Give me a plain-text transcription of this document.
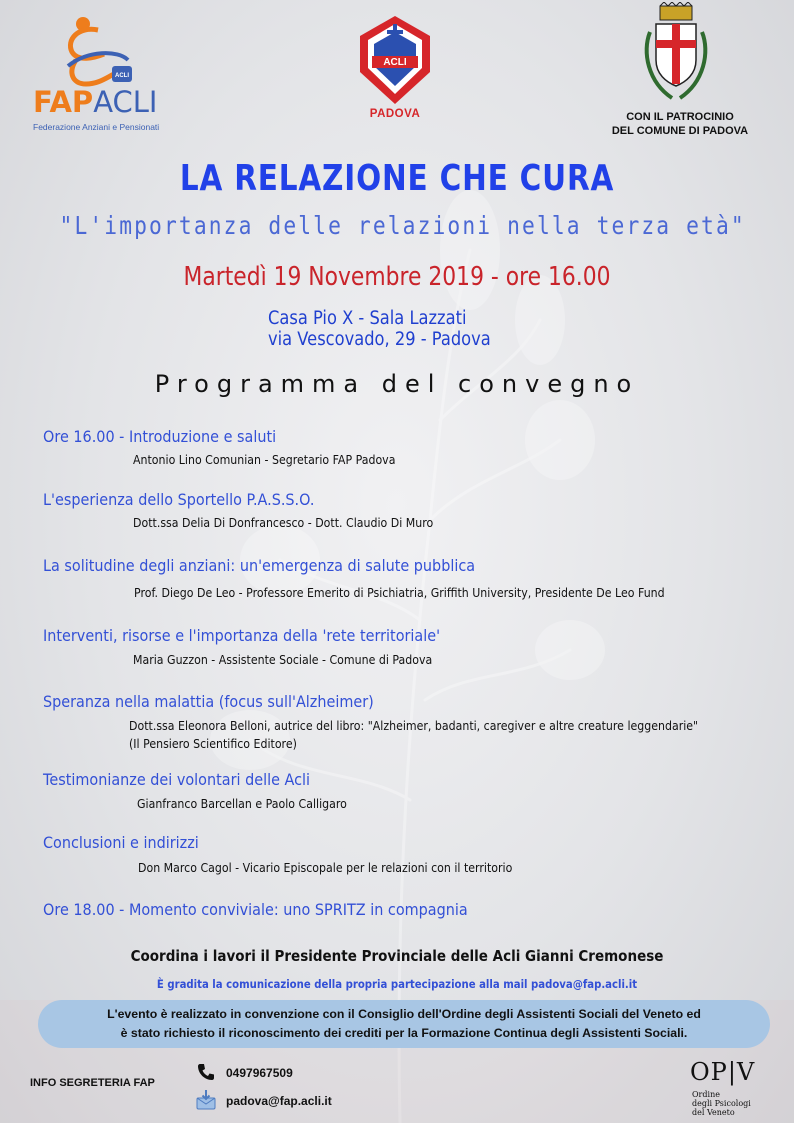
ACLI
FAPACLI
Federazione Anziani e Pensionati
ACLI
PADOVA	CON IL PATROCINIO
DEL COMUNE DI PADOVA
LA RELAZIONE CHE CURA
"L'importanza delle relazioni nella terza età"
Martedì 19 Novembre 2019 - ore 16.00
Casa Pio X - Sala Lazzati
via Vescovado, 29 - Padova
Programma del convegno
Ore 16.00 - Introduzione e saluti
Antonio Lino Comunian - Segretario FAP Padova
L'esperienza dello Sportello P.A.S.S.O.
Dott.ssa Delia Di Donfrancesco - Dott. Claudio Di Muro
La solitudine degli anziani: un'emergenza di salute pubblica
Prof. Diego De Leo - Professore Emerito di Psichiatria, Griffith University, Presidente De Leo Fund
Interventi, risorse e l'importanza della 'rete territoriale'
Maria Guzzon - Assistente Sociale - Comune di Padova
Speranza nella malattia (focus sull'Alzheimer)
Dott.ssa Eleonora Belloni, autrice del libro: "Alzheimer, badanti, caregiver e altre creature leggendarie"
(Il Pensiero Scientifico Editore)
Testimonianze dei volontari delle Acli
Gianfranco Barcellan e Paolo Calligaro
Conclusioni e indirizzi
Don Marco Cagol - Vicario Episcopale per le relazioni con il territorio
Ore 18.00 - Momento conviviale: uno SPRITZ in compagnia
Coordina i lavori il Presidente Provinciale delle Acli Gianni Cremonese
È gradita la comunicazione della propria partecipazione alla mail padova@fap.acli.it
L'evento è realizzato in convenzione con il Consiglio dell'Ordine degli Assistenti Sociali del Veneto ed
è stato richiesto il riconoscimento dei crediti per la Formazione Continua degli Assistenti Sociali.
INFO SEGRETERIA FAP
0497967509
padova@fap.acli.it
OP|V
Ordine
degli Psicologi
del Veneto
